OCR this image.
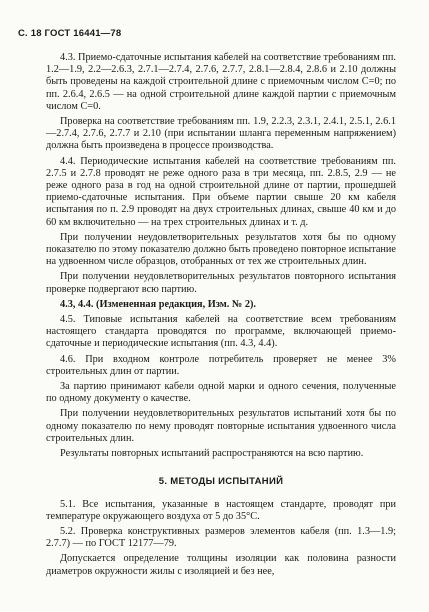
С. 18 ГОСТ 16441—78

4.3. Приемо-сдаточные испытания кабелей на соответствие требованиям пп. 1.2—1.9, 2.2—2.6.3, 2.7.1—2.7.4, 2.7.6, 2.7.7, 2.8.1—2.8.4, 2.8.6 и 2.10 должны быть проведены на каждой строительной длине с приемочным числом C=0; по пп. 2.6.4, 2.6.5 — на одной строительной длине каждой партии с приемочным числом C=0.

Проверка на соответствие требованиям пп. 1.9, 2.2.3, 2.3.1, 2.4.1, 2.5.1, 2.6.1—2.7.4, 2.7.6, 2.7.7 и 2.10 (при испытании шланга переменным напряжением) должна быть произведена в процессе производства.

4.4. Периодические испытания кабелей на соответствие требованиям пп. 2.7.5 и 2.7.8 проводят не реже одного раза в три месяца, пп. 2.8.5, 2.9 — не реже одного раза в год на одной строительной длине от партии, прошедшей приемо-сдаточные испытания. При объеме партии свыше 20 км кабеля испытания по п. 2.9 проводят на двух строительных длинах, свыше 40 км и до 60 км включительно — на трех строительных длинах и т. д.

При получении неудовлетворительных результатов хотя бы по одному показателю по этому показателю должно быть проведено повторное испытание на удвоенном числе образцов, отобранных от тех же строительных длин.

При получении неудовлетворительных результатов повторного испытания проверке подвергают всю партию.

4.3, 4.4. (Измененная редакция, Изм. № 2).

4.5. Типовые испытания кабелей на соответствие всем требованиям настоящего стандарта проводятся по программе, включающей приемо-сдаточные и периодические испытания (пп. 4.3, 4.4).

4.6. При входном контроле потребитель проверяет не менее 3% строительных длин от партии.

За партию принимают кабели одной марки и одного сечения, полученные по одному документу о качестве.

При получении неудовлетворительных результатов испытаний хотя бы по одному показателю по нему проводят повторные испытания удвоенного числа строительных длин.

Результаты повторных испытаний распространяются на всю партию.

5. МЕТОДЫ ИСПЫТАНИЙ

5.1. Все испытания, указанные в настоящем стандарте, проводят при температуре окружающего воздуха от 5 до 35°С.

5.2. Проверка конструктивных размеров элементов кабеля (пп. 1.3—1.9; 2.7.7) — по ГОСТ 12177—79.

Допускается определение толщины изоляции как половина разности диаметров окружности жилы с изоляцией и без нее,
